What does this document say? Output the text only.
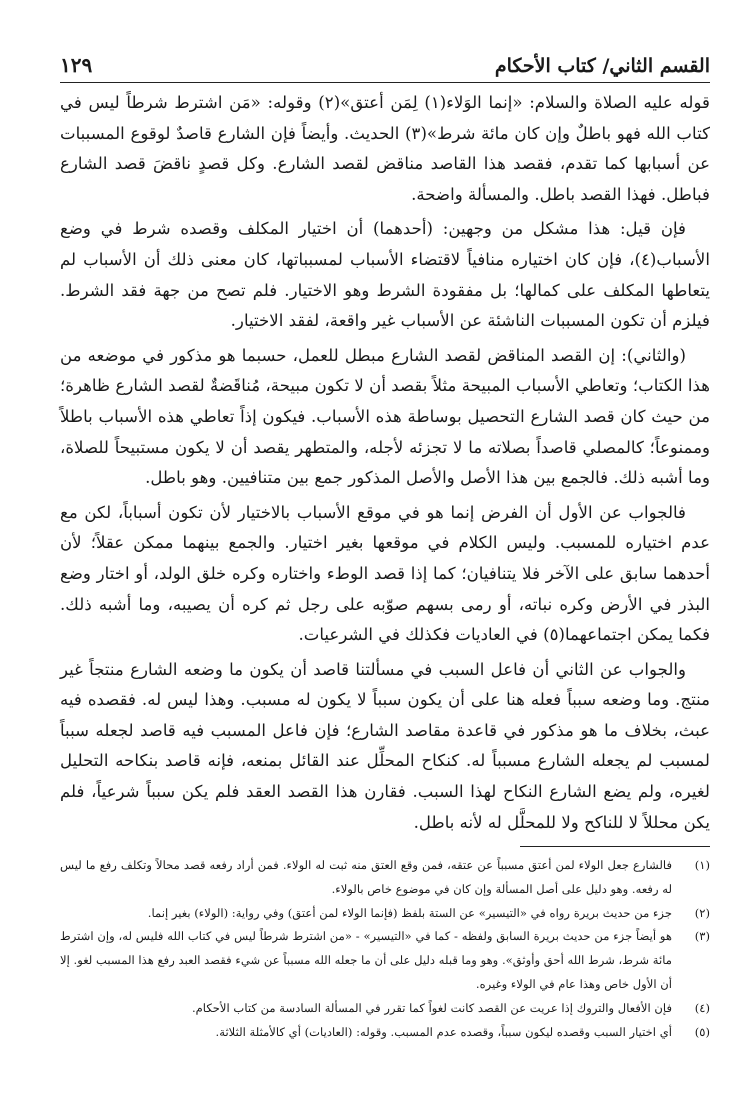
القسم الثاني/ كتاب الأحكام
١٢٩

قوله عليه الصلاة والسلام: «إنما الوَلاء(١) لِمَن أعتق»(٢) وقوله: «مَن اشترط شرطاً ليس في كتاب الله فهو باطلٌ وإن كان مائة شرط»(٣) الحديث. وأيضاً فإن الشارع قاصدٌ لوقوع المسببات عن أسبابها كما تقدم، فقصد هذا القاصد مناقض لقصد الشارع. وكل قصدٍ ناقضَ قصد الشارع فباطل. فهذا القصد باطل. والمسألة واضحة.

فإن قيل: هذا مشكل من وجهين: (أحدهما) أن اختيار المكلف وقصده شرط في وضع الأسباب(٤)، فإن كان اختياره منافياً لاقتضاء الأسباب لمسبباتها، كان معنى ذلك أن الأسباب لم يتعاطها المكلف على كمالها؛ بل مفقودة الشرط وهو الاختيار. فلم تصح من جهة فقد الشرط. فيلزم أن تكون المسببات الناشئة عن الأسباب غير واقعة، لفقد الاختيار.

(والثاني): إن القصد المناقض لقصد الشارع مبطل للعمل، حسبما هو مذكور في موضعه من هذا الكتاب؛ وتعاطي الأسباب المبيحة مثلاً بقصد أن لا تكون مبيحة، مُناقَضةٌ لقصد الشارع ظاهرة؛ من حيث كان قصد الشارع التحصيل بوساطة هذه الأسباب. فيكون إذاً تعاطي هذه الأسباب باطلاً وممنوعاً؛ كالمصلي قاصداً بصلاته ما لا تجزئه لأجله، والمتطهر يقصد أن لا يكون مستبيحاً للصلاة، وما أشبه ذلك. فالجمع بين هذا الأصل والأصل المذكور جمع بين متنافيين. وهو باطل.

فالجواب عن الأول أن الفرض إنما هو في موقع الأسباب بالاختيار لأن تكون أسباباً، لكن مع عدم اختياره للمسبب. وليس الكلام في موقعها بغير اختيار. والجمع بينهما ممكن عقلاً؛ لأن أحدهما سابق على الآخر فلا يتنافيان؛ كما إذا قصد الوطء واختاره وكره خلق الولد، أو اختار وضع البذر في الأرض وكره نباته، أو رمى بسهم صوّبه على رجل ثم كره أن يصيبه، وما أشبه ذلك. فكما يمكن اجتماعهما(٥) في العاديات فكذلك في الشرعيات.

والجواب عن الثاني أن فاعل السبب في مسألتنا قاصد أن يكون ما وضعه الشارع منتجاً غير منتج. وما وضعه سبباً فعله هنا على أن يكون سبباً لا يكون له مسبب. وهذا ليس له. فقصده فيه عبث، بخلاف ما هو مذكور في قاعدة مقاصد الشارع؛ فإن فاعل المسبب فيه قاصد لجعله سبباً لمسبب لم يجعله الشارع مسبباً له. كنكاح المحلِّل عند القائل بمنعه، فإنه قاصد بنكاحه التحليل لغيره، ولم يضع الشارع النكاح لهذا السبب. فقارن هذا القصد العقد فلم يكن سبباً شرعياً، فلم يكن محللاً لا للناكح ولا للمحلَّل له لأنه باطل.

(١)
فالشارع جعل الولاء لمن أعتق مسبباً عن عتقه، فمن وقع العتق منه ثبت له الولاء. فمن أراد رفعه قصد محالاً وتكلف رفع ما ليس له رفعه. وهو دليل على أصل المسألة وإن كان في موضوع خاص بالولاء.
(٢)
جزء من حديث بريرة رواه في «التيسير» عن الستة بلفظ (فإنما الولاء لمن أعتق) وفي رواية: (الولاء) بغير إنما.
(٣)
هو أيضاً جزء من حديث بريرة السابق ولفظه - كما في «التيسير» - «من اشترط شرطاً ليس في كتاب الله فليس له، وإن اشترط مائة شرط، شرط الله أحق وأوثق». وهو وما قبله دليل على أن ما جعله الله مسبباً عن شيء فقصد العبد رفع هذا المسبب لغو. إلا أن الأول خاص وهذا عام في الولاء وغيره.
(٤)
فإن الأفعال والتروك إذا عريت عن القصد كانت لغواً كما تقرر في المسألة السادسة من كتاب الأحكام.
(٥)
أي اختيار السبب وقصده ليكون سبباً، وقصده عدم المسبب. وقوله: (العاديات) أي كالأمثلة الثلاثة.
